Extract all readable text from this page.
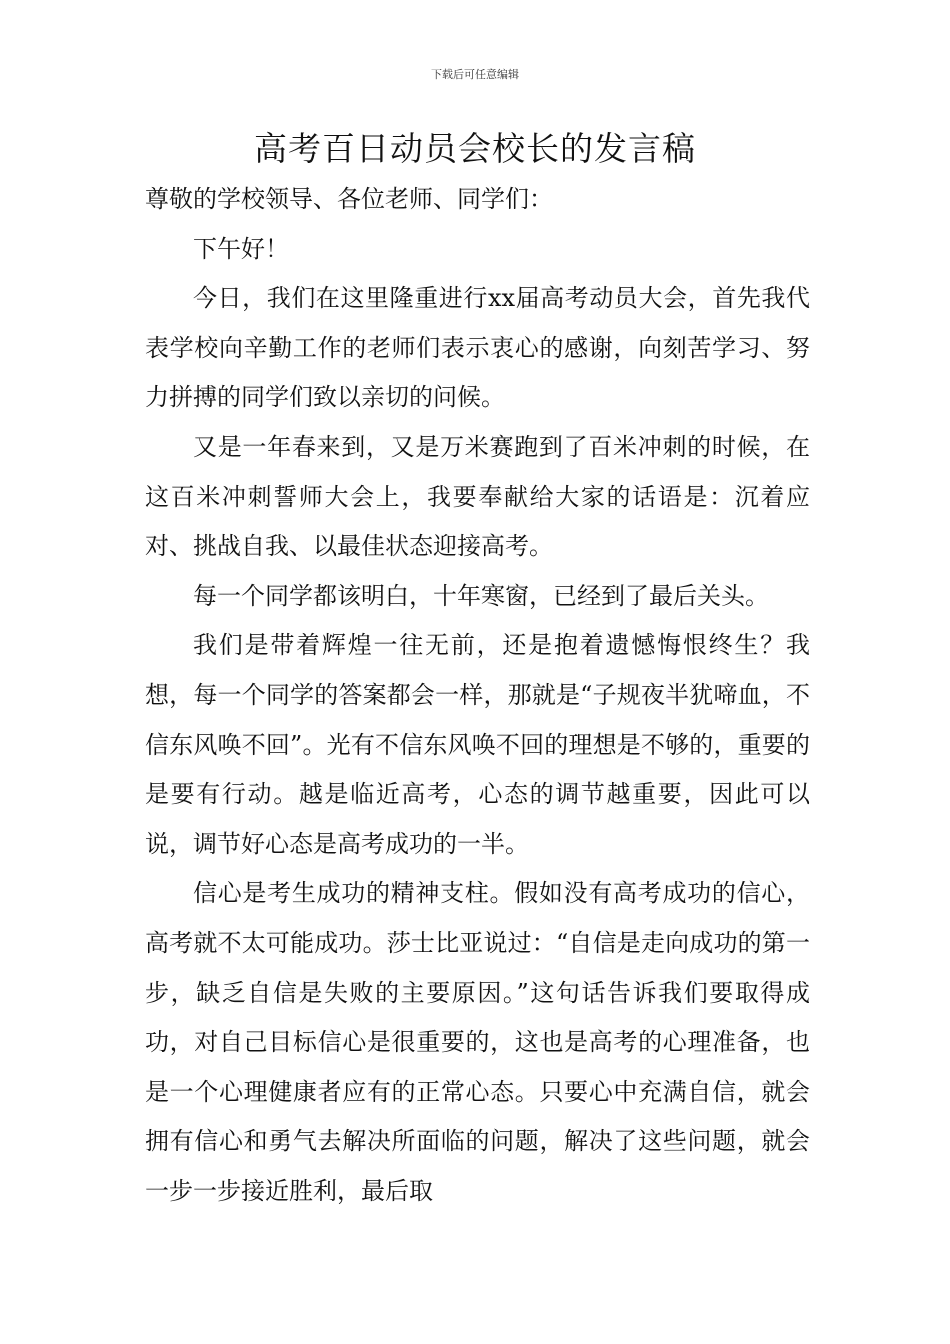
下载后可任意编辑
高考百日动员会校长的发言稿

尊敬的学校领导、各位老师、同学们：

下午好！

今日，我们在这里隆重进行xx届高考动员大会，首先我代表学校向辛勤工作的老师们表示衷心的感谢，向刻苦学习、努力拼搏的同学们致以亲切的问候。

又是一年春来到，又是万米赛跑到了百米冲刺的时候，在这百米冲刺誓师大会上，我要奉献给大家的话语是：沉着应对、挑战自我、以最佳状态迎接高考。

每一个同学都该明白，十年寒窗，已经到了最后关头。

我们是带着辉煌一往无前，还是抱着遗憾悔恨终生？我想，每一个同学的答案都会一样，那就是“子规夜半犹啼血，不信东风唤不回”。光有不信东风唤不回的理想是不够的，重要的是要有行动。越是临近高考，心态的调节越重要，因此可以说，调节好心态是高考成功的一半。

信心是考生成功的精神支柱。假如没有高考成功的信心，高考就不太可能成功。莎士比亚说过：“自信是走向成功的第一步，缺乏自信是失败的主要原因。”这句话告诉我们要取得成功，对自己目标信心是很重要的，这也是高考的心理准备，也是一个心理健康者应有的正常心态。只要心中充满自信，就会拥有信心和勇气去解决所面临的问题，解决了这些问题，就会一步一步接近胜利，最后取
